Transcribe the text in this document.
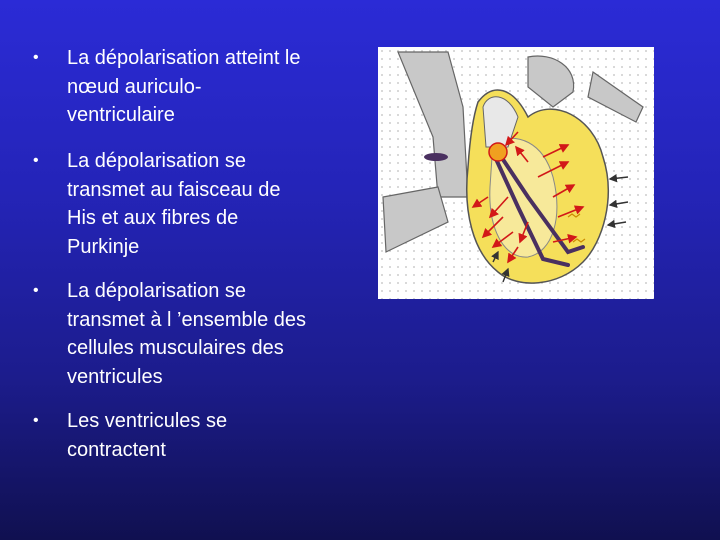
• La dépolarisation atteint le
nœud auriculo-
ventriculaire
• La dépolarisation se
transmet au faisceau de
His et aux fibres de
Purkinje
• La dépolarisation se
transmet à l ’ensemble des
cellules musculaires des
ventricules
• Les ventricules se
contractent
